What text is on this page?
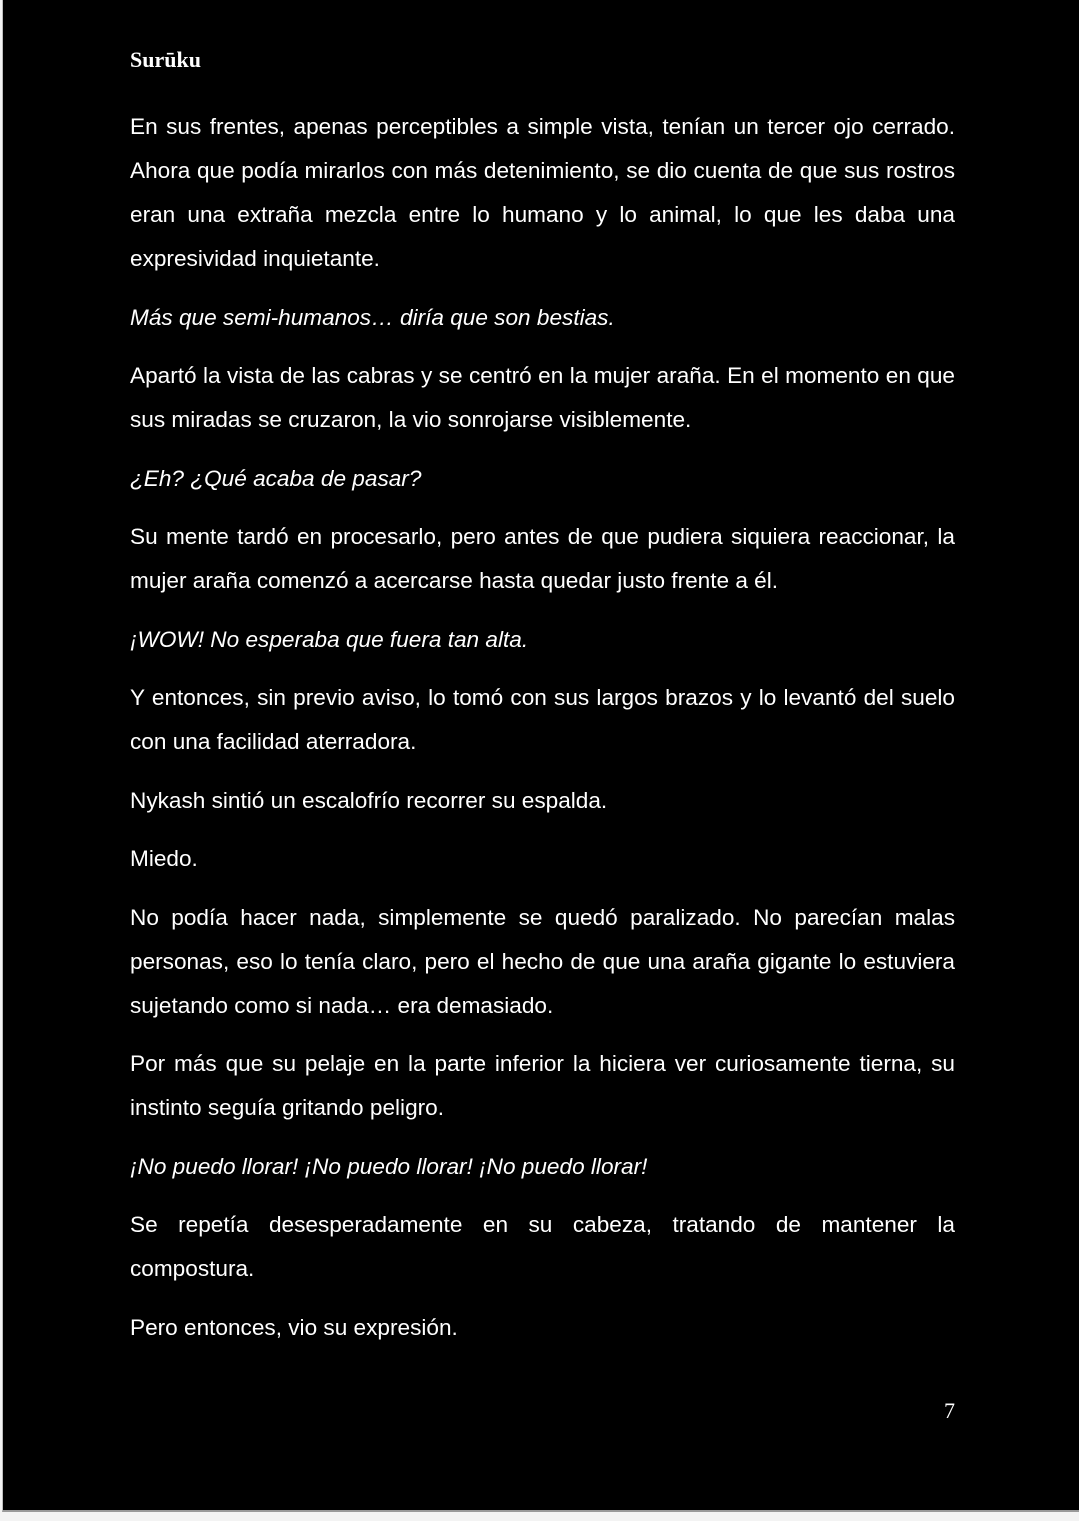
Surūku

En sus frentes, apenas perceptibles a simple vista, tenían un tercer ojo cerrado. Ahora que podía mirarlos con más detenimiento, se dio cuenta de que sus rostros eran una extraña mezcla entre lo humano y lo animal, lo que les daba una expresividad inquietante.

Más que semi-humanos… diría que son bestias.

Apartó la vista de las cabras y se centró en la mujer araña. En el momento en que sus miradas se cruzaron, la vio sonrojarse visiblemente.

¿Eh? ¿Qué acaba de pasar?

Su mente tardó en procesarlo, pero antes de que pudiera siquiera reaccionar, la mujer araña comenzó a acercarse hasta quedar justo frente a él.

¡WOW! No esperaba que fuera tan alta.

Y entonces, sin previo aviso, lo tomó con sus largos brazos y lo levantó del suelo con una facilidad aterradora.

Nykash sintió un escalofrío recorrer su espalda.

Miedo.

No podía hacer nada, simplemente se quedó paralizado. No parecían malas personas, eso lo tenía claro, pero el hecho de que una araña gigante lo estuviera sujetando como si nada… era demasiado.

Por más que su pelaje en la parte inferior la hiciera ver curiosamente tierna, su instinto seguía gritando peligro.

¡No puedo llorar! ¡No puedo llorar! ¡No puedo llorar!

Se repetía desesperadamente en su cabeza, tratando de mantener la compostura.

Pero entonces, vio su expresión.

7
